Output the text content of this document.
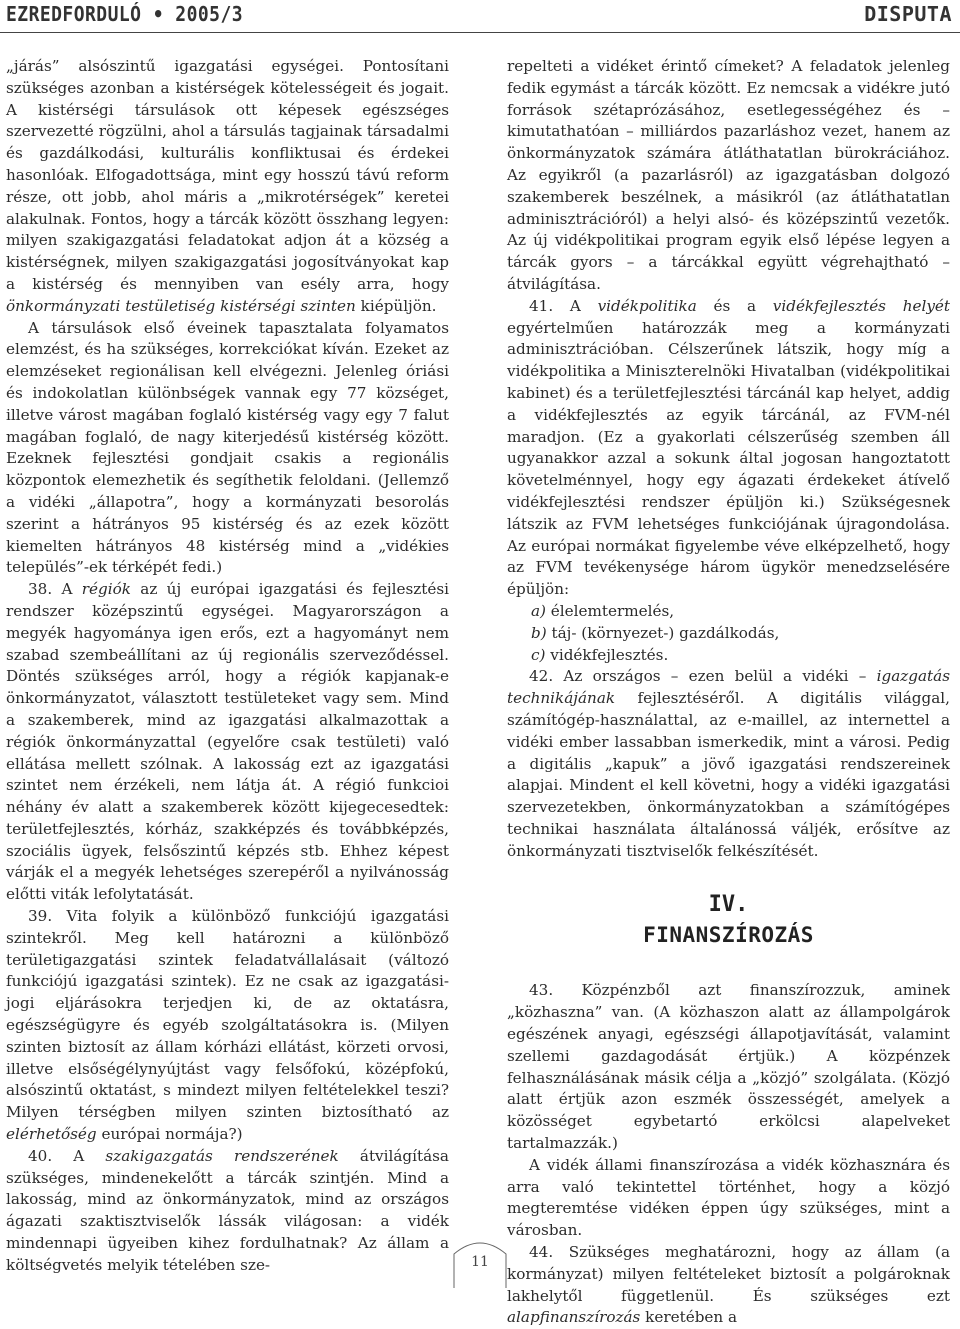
EZREDFORDULÓ • 2005/3	DISPUTA

„járás” alsószintű igazgatási egységei. Pontosítani szükséges azonban a kistérségek kötelességeit és jogait. A kistérségi társulások ott képesek egészséges szervezetté rögzülni, ahol a társulás tagjainak társadalmi és gazdálkodási, kulturális konfliktusai és érdekei hasonlóak. Elfogadottsága, mint egy hosszú távú reform része, ott jobb, ahol máris a „mikrotérségek” keretei alakulnak. Fontos, hogy a tárcák között összhang legyen: milyen szakigazgatási feladatokat adjon át a község a kistérségnek, milyen szakigazgatási jogosítványokat kap a kistérség és mennyiben van esély arra, hogy önkormányzati testületiség kistérségi szinten kiépüljön.

A társulások első éveinek tapasztalata folyamatos elemzést, és ha szükséges, korrekciókat kíván. Ezeket az elemzéseket regionálisan kell elvégezni. Jelenleg óriási és indokolatlan különbségek vannak egy 77 községet, illetve várost magában foglaló kistérség vagy egy 7 falut magában foglaló, de nagy kiterjedésű kistérség között. Ezeknek fejlesztési gondjait csakis a regionális központok elemezhetik és segíthetik feloldani. (Jellemző a vidéki „állapotra”, hogy a kormányzati besorolás szerint a hátrányos 95 kistérség és az ezek között kiemelten hátrányos 48 kistérség mind a „vidékies település”-ek térképét fedi.)

38. A régiók az új európai igazgatási és fejlesztési rendszer középszintű egységei. Magyarországon a megyék hagyománya igen erős, ezt a hagyományt nem szabad szembeállítani az új regionális szerveződéssel. Döntés szükséges arról, hogy a régiók kapjanak-e önkormányzatot, választott testületeket vagy sem. Mind a szakemberek, mind az igazgatási alkalmazottak a régiók önkormányzattal (egyelőre csak testületi) való ellátása mellett szólnak. A lakosság ezt az igazgatási szintet nem érzékeli, nem látja át. A régió funkcioi néhány év alatt a szakemberek között kijegecesedtek: területfejlesztés, kórház, szakképzés és továbbképzés, szociális ügyek, felsőszintű képzés stb. Ehhez képest várják el a megyék lehetséges szerepéről a nyilvánosság előtti viták lefolytatását.

39. Vita folyik a különböző funkciójú igazgatási szintekről. Meg kell határozni a különböző területigazgatási szintek feladatvállalásait (változó funkciójú igazgatási szintek). Ez ne csak az igazgatási-jogi eljárásokra terjedjen ki, de az oktatásra, egészségügyre és egyéb szolgáltatásokra is. (Milyen szinten biztosít az állam kórházi ellátást, körzeti orvosi, illetve elsőségélynyújtást vagy felsőfokú, középfokú, alsószintű oktatást, s mindezt milyen feltételekkel teszi? Milyen térségben milyen szinten biztosítható az elérhetőség európai normája?)

40. A szakigazgatás rendszerének átvilágítása szükséges, mindenekelőtt a tárcák szintjén. Mind a lakosság, mind az önkormányzatok, mind az országos ágazati szaktisztviselők lássák világosan: a vidék mindennapi ügyeiben kihez fordulhatnak? Az állam a költségvetés melyik tételében sze-

repelteti a vidéket érintő címeket? A feladatok jelenleg fedik egymást a tárcák között. Ez nemcsak a vidékre jutó források szétaprózásához, esetlegességéhez és – kimutathatóan – milliárdos pazarláshoz vezet, hanem az önkormányzatok számára átláthatatlan bürokráciához. Az egyikről (a pazarlásról) az igazgatásban dolgozó szakemberek beszélnek, a másikról (az átláthatatlan adminisztrációról) a helyi alsó- és középszintű vezetők. Az új vidékpolitikai program egyik első lépése legyen a tárcák gyors – a tárcákkal együtt végrehajtható – átvilágítása.

41. A vidékpolitika és a vidékfejlesztés helyét egyértelműen határozzák meg a kormányzati adminisztrációban. Célszerűnek látszik, hogy míg a vidékpolitika a Miniszterelnöki Hivatalban (vidékpolitikai kabinet) és a területfejlesztési tárcánál kap helyet, addig a vidékfejlesztés az egyik tárcánál, az FVM-nél maradjon. (Ez a gyakorlati célszerűség szemben áll ugyanakkor azzal a sokunk által jogosan hangoztatott követelménnyel, hogy egy ágazati érdekeket átívelő vidékfejlesztési rendszer épüljön ki.) Szükségesnek látszik az FVM lehetséges funkciójának újragondolása. Az európai normákat figyelembe véve elképzelhető, hogy az FVM tevékenysége három ügykör menedzselésére épüljön:

a) élelemtermelés,

b) táj- (környezet-) gazdálkodás,

c) vidékfejlesztés.

42. Az országos – ezen belül a vidéki – igazgatás technikájának fejlesztéséről. A digitális világgal, számítógép-használattal, az e-maillel, az internettel a vidéki ember lassabban ismerkedik, mint a városi. Pedig a digitális „kapuk” a jövő igazgatási rendszereinek alapjai. Mindent el kell követni, hogy a vidéki igazgatási szervezetekben, önkormányzatokban a számítógépes technikai használata általánossá váljék, erősítve az önkormányzati tisztviselők felkészítését.

IV.
FINANSZÍROZÁS

43. Közpénzből azt finanszírozzuk, aminek „közhaszna” van. (A közhaszon alatt az állampolgárok egészének anyagi, egészségi állapotjavítását, valamint szellemi gazdagodását értjük.) A közpénzek felhasználásának másik célja a „közjó” szolgálata. (Közjó alatt értjük azon eszmék összességét, amelyek a közösséget egybetartó erkölcsi alapelveket tartalmazzák.)

A vidék állami finanszírozása a vidék közhasznára és arra való tekintettel történhet, hogy a közjó megteremtése vidéken éppen úgy szükséges, mint a városban.

44. Szükséges meghatározni, hogy az állam (a kormányzat) milyen feltételeket biztosít a polgároknak lakhelytől függetlenül. És szükséges ezt alapfinanszírozás keretében a

11
